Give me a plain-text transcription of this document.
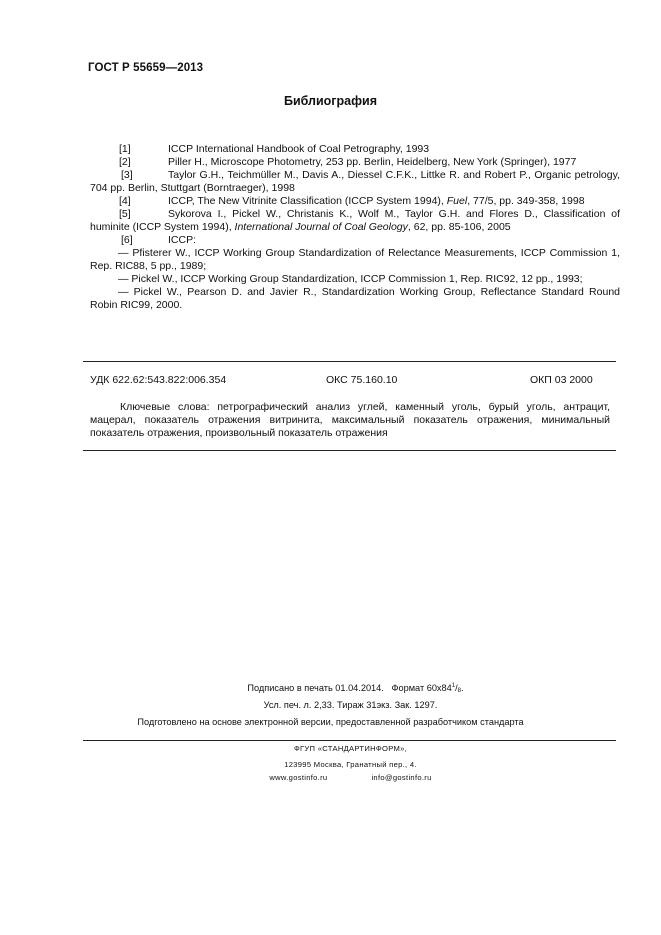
ГОСТ Р 55659—2013
Библиография
[1]	ICCP International Handbook of Coal Petrography, 1993
[2]	Piller H., Microscope Photometry, 253 pp. Berlin, Heidelberg, New York (Springer), 1977
[3]	Taylor G.H., Teichmüller M., Davis A., Diessel C.F.K., Littke R. and Robert P., Organic petrology, 704 pp. Berlin, Stuttgart (Borntraeger), 1998
[4]	ICCP, The New Vitrinite Classification (ICCP System 1994), Fuel, 77/5, pp. 349-358, 1998
[5]	Sykorova I., Pickel W., Christanis K., Wolf M., Taylor G.H. and Flores D., Classification of huminite (ICCP System 1994), International Journal of Coal Geology, 62, pp. 85-106, 2005
[6]	ICCP:
— Pfisterer W., ICCP Working Group Standardization of Relectance Measurements, ICCP Commission 1, Rep. RIC88, 5 pp., 1989;
— Pickel W., ICCP Working Group Standardization, ICCP Commission 1, Rep. RIC92, 12 pp., 1993;
— Pickel W., Pearson D. and Javier R., Standardization Working Group, Reflectance Standard Round Robin RIC99, 2000.
УДК 622.62:543.822:006.354	ОКС 75.160.10	ОКП 03 2000
Ключевые слова: петрографический анализ углей, каменный уголь, бурый уголь, антрацит, мацерал, показатель отражения витринита, максимальный показатель отражения, минимальный показатель отражения, произвольный показатель отражения
Подписано в печать 01.04.2014. Формат $60х84^1/_8$.
Усл. печ. л. 2,33. Тираж 31экз. Зак. 1297.
Подготовлено на основе электронной версии, предоставленной разработчиком стандарта
ФГУП «СТАНДАРТИНФОРМ»,
123995 Москва, Гранатный пер., 4.
www.gostinfo.ru	info@gostinfo.ru
